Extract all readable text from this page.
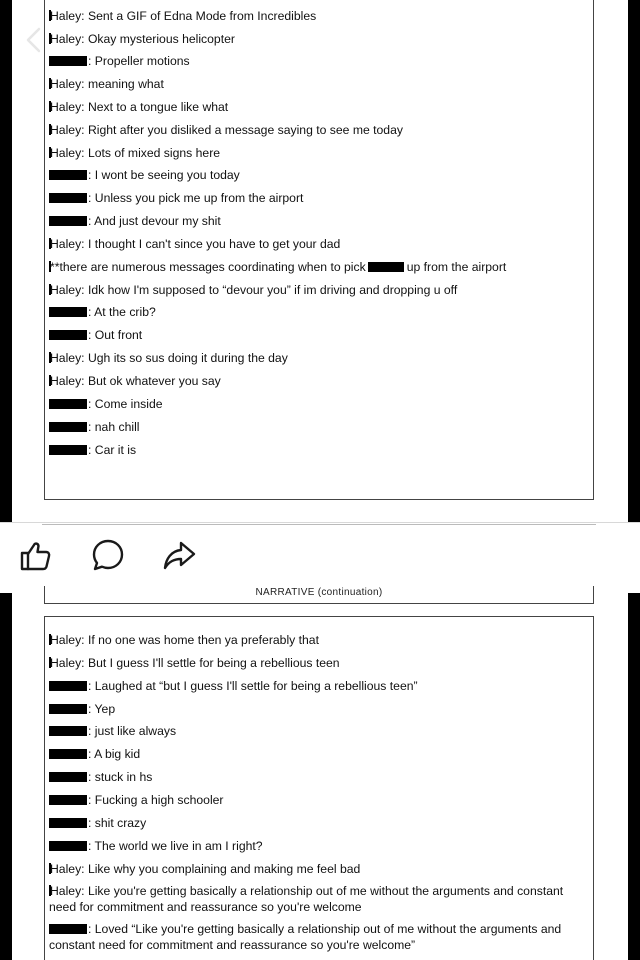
Haley: Sent a GIF of Edna Mode from Incredibles
Haley: Okay mysterious helicopter
: Propeller motions
Haley: meaning what
Haley: Next to a tongue like what
Haley: Right after you disliked a message saying to see me today
Haley: Lots of mixed signs here
: I wont be seeing you today
: Unless you pick me up from the airport
: And just devour my shit
Haley: I thought I can't since you have to get your dad
**there are numerous messages coordinating when to pick	up from the airport
Haley: Idk how I'm supposed to “devour you” if im driving and dropping u off
: At the crib?
: Out front
Haley: Ugh its so sus doing it during the day
Haley: But ok whatever you say
: Come inside
: nah chill
: Car it is
NARRATIVE (continuation)
Haley: If no one was home then ya preferably that
Haley: But I guess I'll settle for being a rebellious teen
: Laughed at “but I guess I'll settle for being a rebellious teen”
: Yep
: just like always
: A big kid
: stuck in hs
: Fucking a high schooler
: shit crazy
: The world we live in am I right?
Haley: Like why you complaining and making me feel bad
Haley: Like you're getting basically a relationship out of me without the arguments and constant need for commitment and reassurance so you're welcome
: Loved “Like you're getting basically a relationship out of me without the arguments and constant need for commitment and reassurance so you're welcome”
